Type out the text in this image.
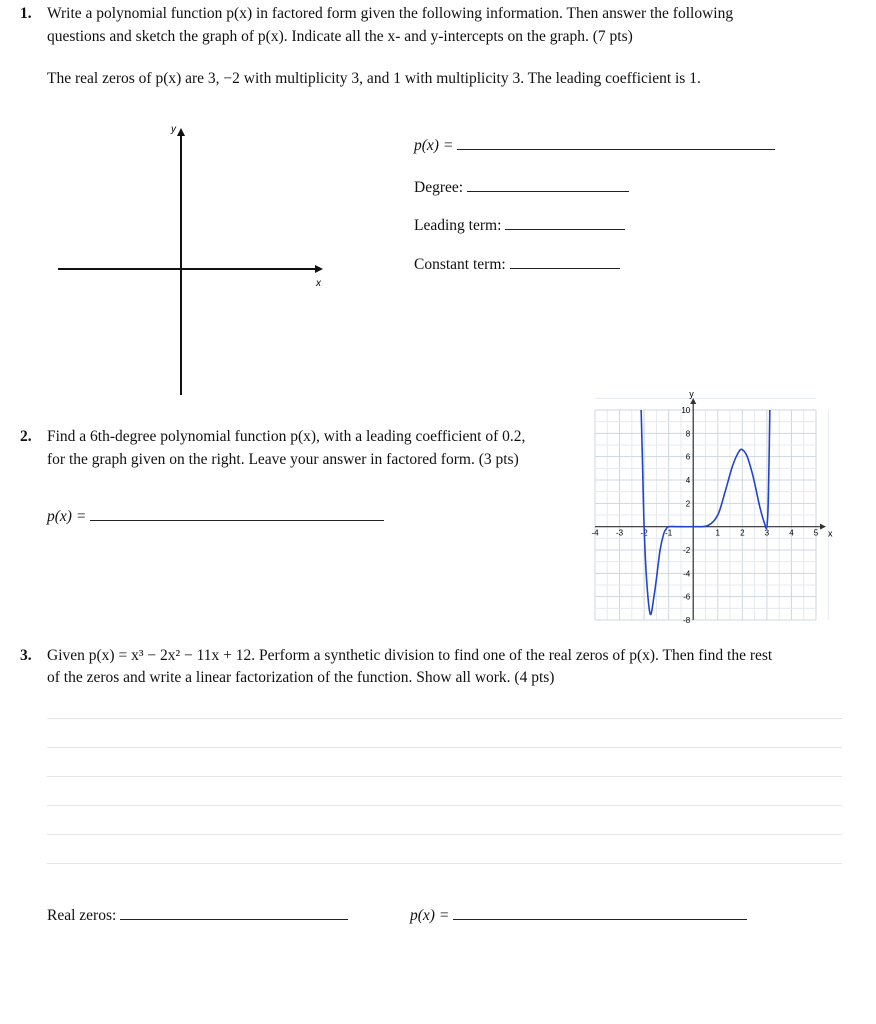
1. Write a polynomial function p(x) in factored form given the following information. Then answer the following
questions and sketch the graph of p(x). Indicate all the x- and y-intercepts on the graph. (7 pts)
The real zeros of p(x) are 3, −2 with multiplicity 3, and 1 with multiplicity 3. The leading coefficient is 1.
y
x
p(x) =
Degree:
Leading term:
Constant term:
2. Find a 6th-degree polynomial function p(x), with a leading coefficient of 0.2,
for the graph given on the right. Leave your answer in factored form. (3 pts)
p(x) =
x
y
-4 -3 -2 -1	1	2	3	4	5
10
8
6
4
2
-2
-4
-6
-8
3. Given p(x) = x³ − 2x² − 11x + 12. Perform a synthetic division to find one of the real zeros of p(x). Then find the rest
of the zeros and write a linear factorization of the function. Show all work. (4 pts)
Real zeros:	p(x) =
